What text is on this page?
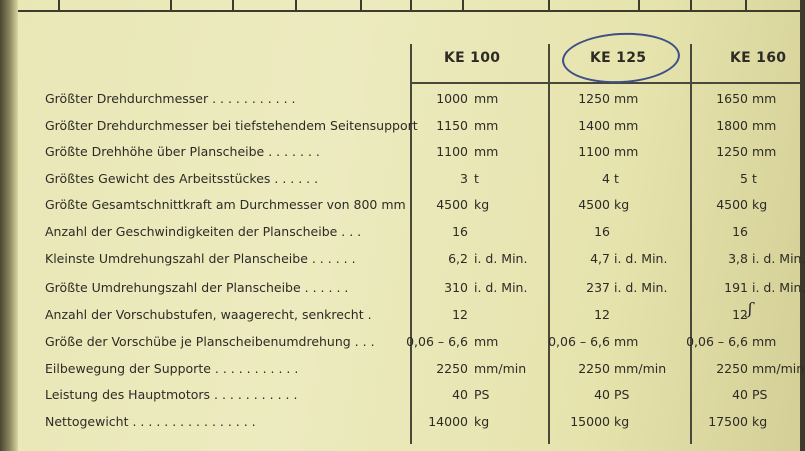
KE 100	KE 125	KE 160
Größter Drehdurchmesser . . . . . . . . . . .	1000 mm	1250 mm	1650 mm
Größter Drehdurchmesser bei tiefstehendem Seitensupport 1150 mm	1400 mm	1800 mm
Größte Drehhöhe über Planscheibe . . . . . . .	1100 mm	1100 mm	1250 mm
Größtes Gewicht des Arbeitsstückes . . . . . .	3 t	4 t	5 t
Größte Gesamtschnittkraft am Durchmesser von 800 mm 4500 kg	4500 kg	4500 kg
Anzahl der Geschwindigkeiten der Planscheibe . . .	16	16	16
Kleinste Umdrehungszahl der Planscheibe . . . . . .	6,2 i. d. Min.	4,7 i. d. Min.	3,8 i. d. Min.
Größte Umdrehungszahl der Planscheibe . . . . . .	310 i. d. Min.	237 i. d. Min.	191 i. d. Min.
Anzahl der Vorschubstufen, waagerecht, senkrecht .	12	12	12
Größe der Vorschübe je Planscheibenumdrehung . . .	0,06 – 6,6 mm	0,06 – 6,6 mm	0,06 – 6,6 mm
Eilbewegung der Supporte . . . . . . . . . . .	2250 mm/min	2250 mm/min	2250 mm/min
Leistung des Hauptmotors . . . . . . . . . . .	40 PS	40 PS	40 PS
Nettogewicht . . . . . . . . . . . . . . . .	14000 kg	15000 kg	17500 kg
ʃ
